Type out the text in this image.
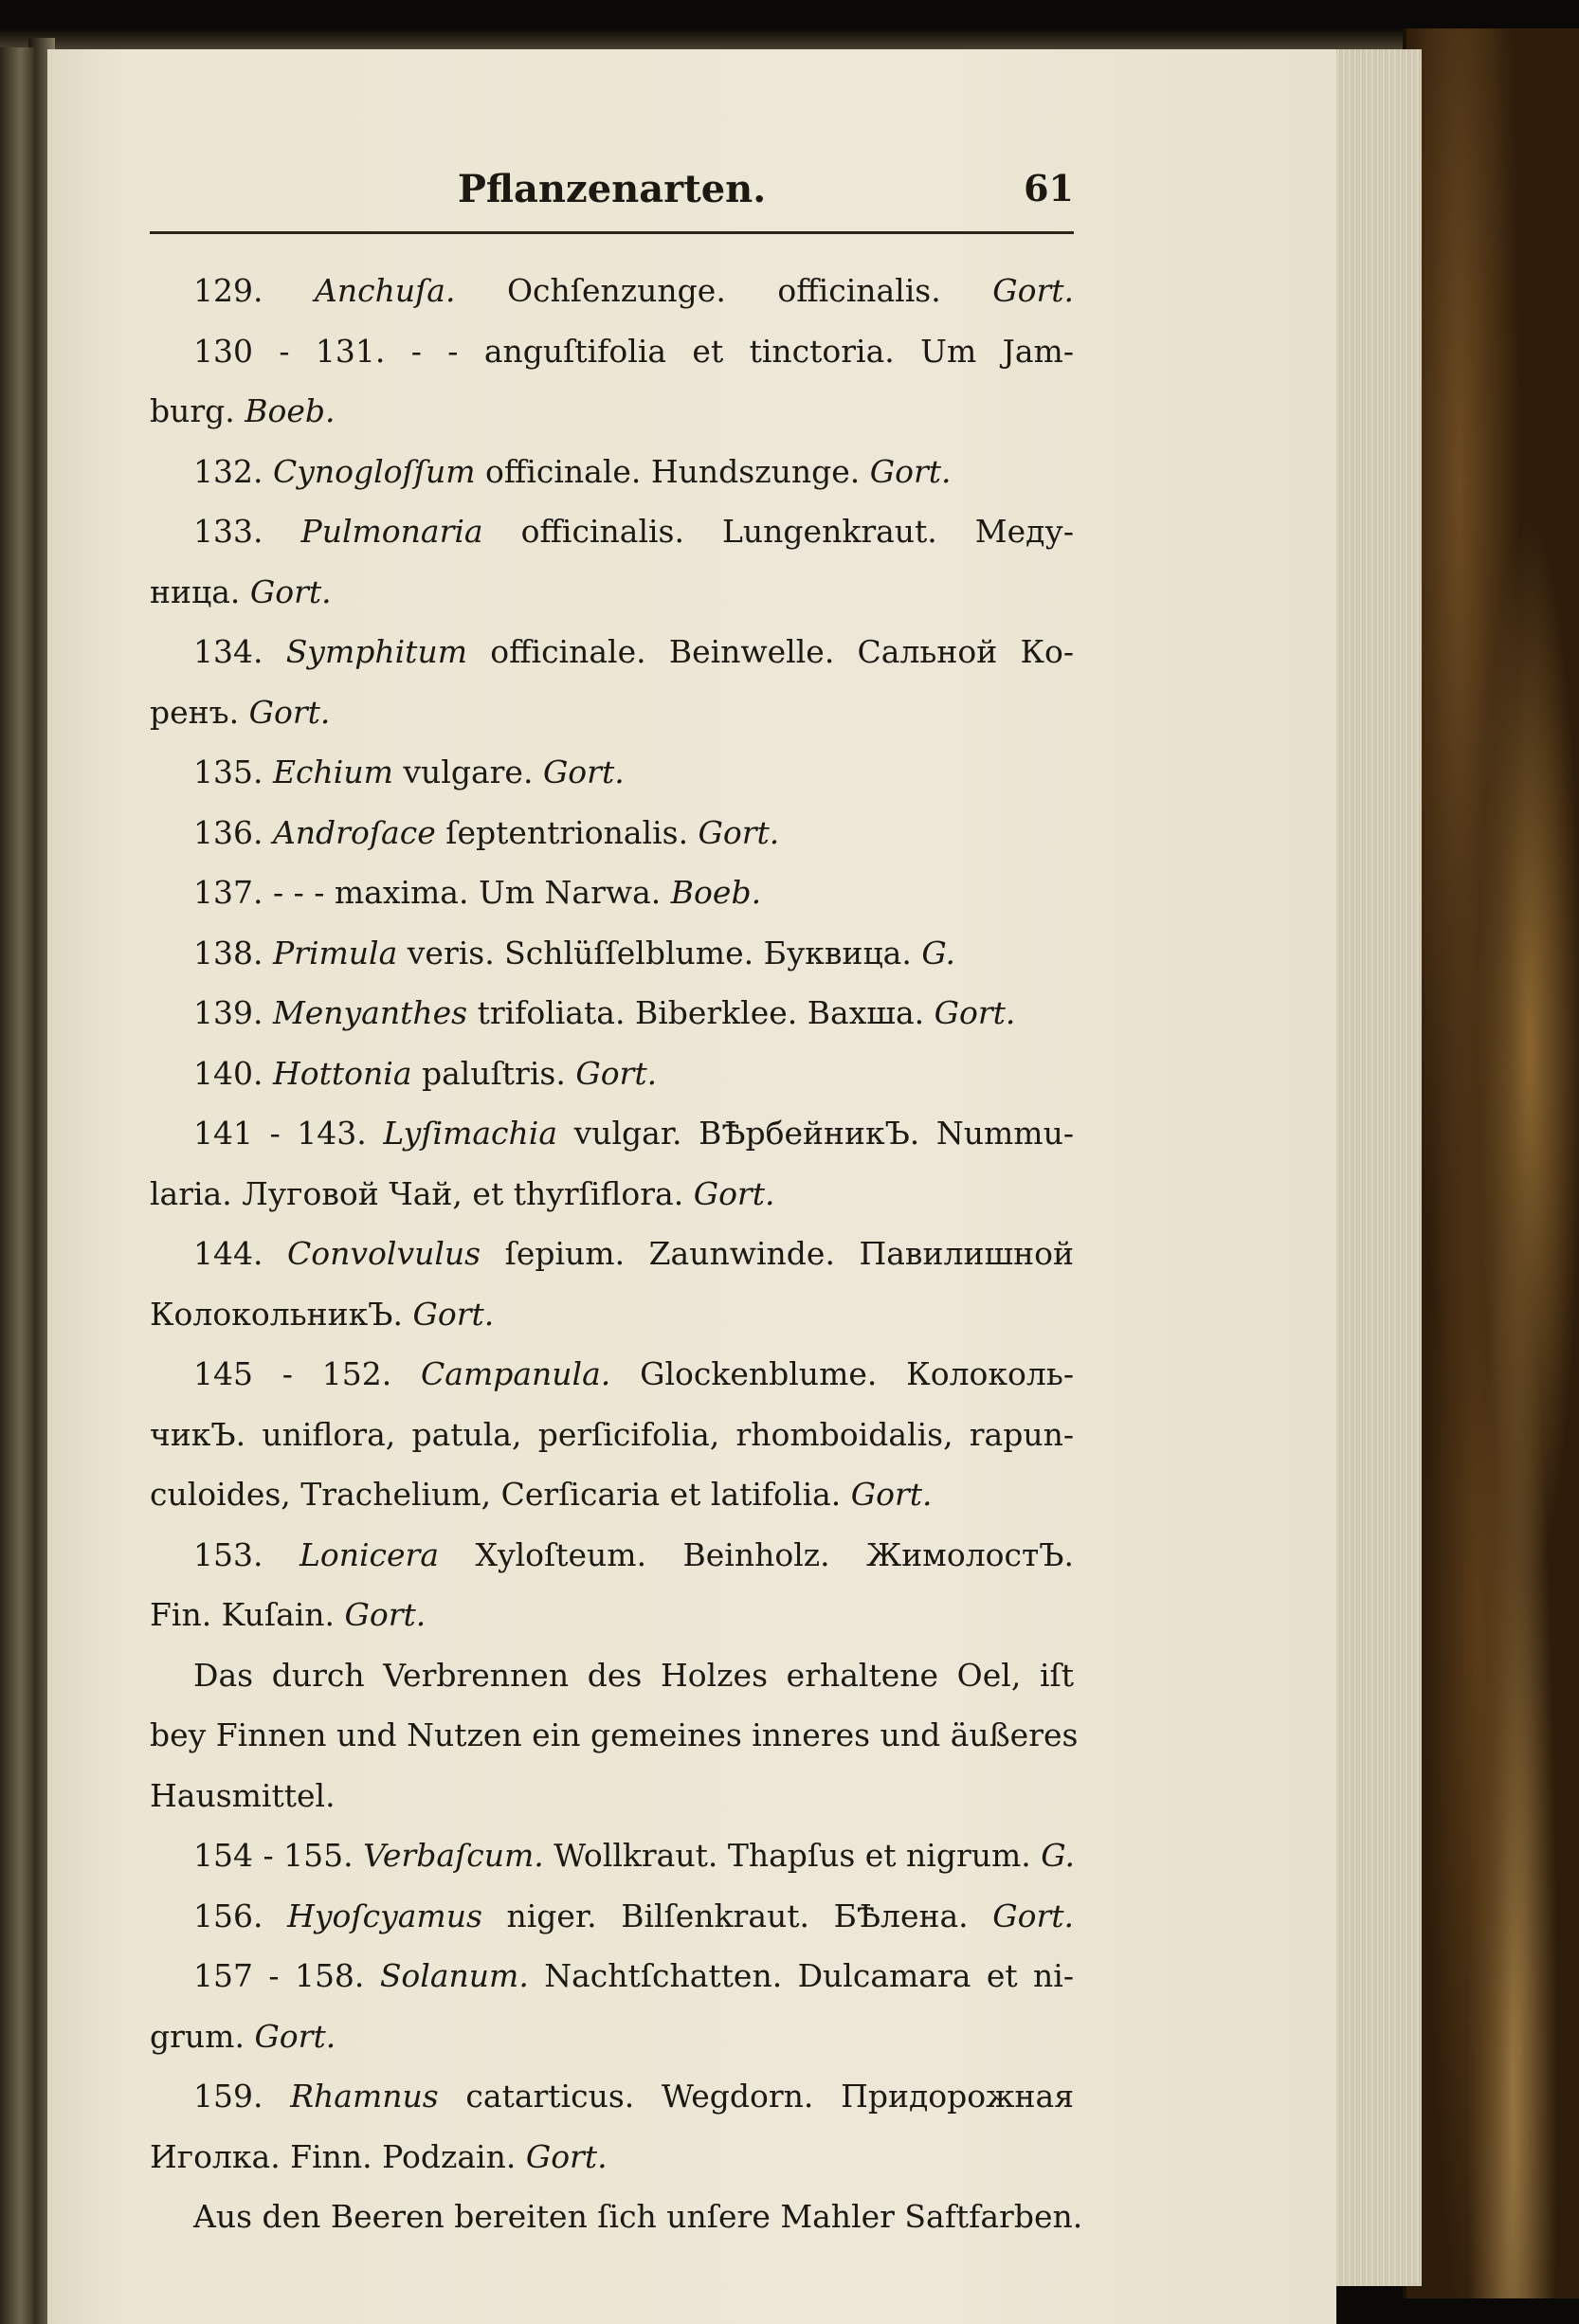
Pflanzenarten.	61
129. Anchuſa. Ochſenzunge. officinalis. Gort.
130 - 131. - - anguſtifolia et tinctoria. Um Jam-
burg. Boeb.
132. Cynogloſſum officinale. Hundszunge. Gort.
133. Pulmonaria officinalis. Lungenkraut. Меду-
ница. Gort.
134. Symphitum officinale. Beinwelle. Сальной Ко-
ренъ. Gort.
135. Echium vulgare. Gort.
136. Androſace ſeptentrionalis. Gort.
137. - - - maxima. Um Narwa. Boeb.
138. Primula veris. Schlüſſelblume. Буквица. G.
139. Menyanthes trifoliata. Biberklee. Вахша. Gort.
140. Hottonia paluſtris. Gort.
141 - 143. Lyſimachia vulgar. ВѢрбейникЪ. Nummu-
laria. Луговой Чай, et thyrſiflora. Gort.
144. Convolvulus ſepium. Zaunwinde. Павилишной
КолокольникЪ. Gort.
145 - 152. Campanula. Glockenblume. Колоколь-
чикЪ. uniflora, patula, perſicifolia, rhomboidalis, rapun-
culoides, Trachelium, Cerſicaria et latifolia. Gort.
153. Lonicera Xyloſteum. Beinholz. ЖимолостЪ.
Fin. Kuſain. Gort.
Das durch Verbrennen des Holzes erhaltene Oel, iſt
bey Finnen und Nutzen ein gemeines inneres und äußeres
Hausmittel.
154 - 155. Verbaſcum. Wollkraut. Thapſus et nigrum. G.
156. Hyoſcyamus niger. Bilſenkraut. БѢлена. Gort.
157 - 158. Solanum. Nachtſchatten. Dulcamara et ni-
grum. Gort.
159. Rhamnus catarticus. Wegdorn. Придорожная
Иголка. Finn. Podzain. Gort.
Aus den Beeren bereiten ſich unſere Mahler Saftfarben.
